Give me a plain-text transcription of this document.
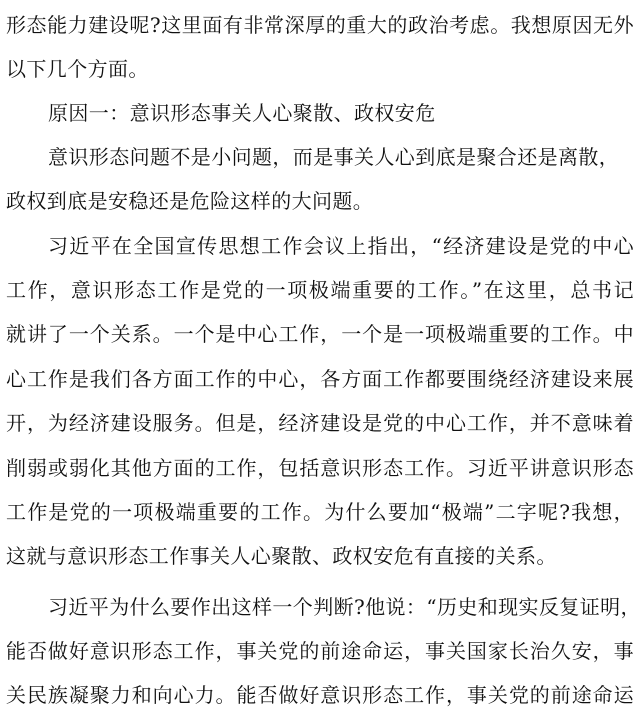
形态能力建设呢?这里面有非常深厚的重大的政治考虑。我想原因无外
以下几个方面。
原因一：意识形态事关人心聚散、政权安危
意识形态问题不是小问题，而是事关人心到底是聚合还是离散，
政权到底是安稳还是危险这样的大问题。
习近平在全国宣传思想工作会议上指出，“经济建设是党的中心
工作，意识形态工作是党的一项极端重要的工作。”在这里，总书记
就讲了一个关系。一个是中心工作，一个是一项极端重要的工作。中
心工作是我们各方面工作的中心，各方面工作都要围绕经济建设来展
开，为经济建设服务。但是，经济建设是党的中心工作，并不意味着
削弱或弱化其他方面的工作，包括意识形态工作。习近平讲意识形态
工作是党的一项极端重要的工作。为什么要加“极端”二字呢?我想，
这就与意识形态工作事关人心聚散、政权安危有直接的关系。
习近平为什么要作出这样一个判断?他说：“历史和现实反复证明，
能否做好意识形态工作，事关党的前途命运，事关国家长治久安，事
关民族凝聚力和向心力。能否做好意识形态工作，事关党的前途命运
